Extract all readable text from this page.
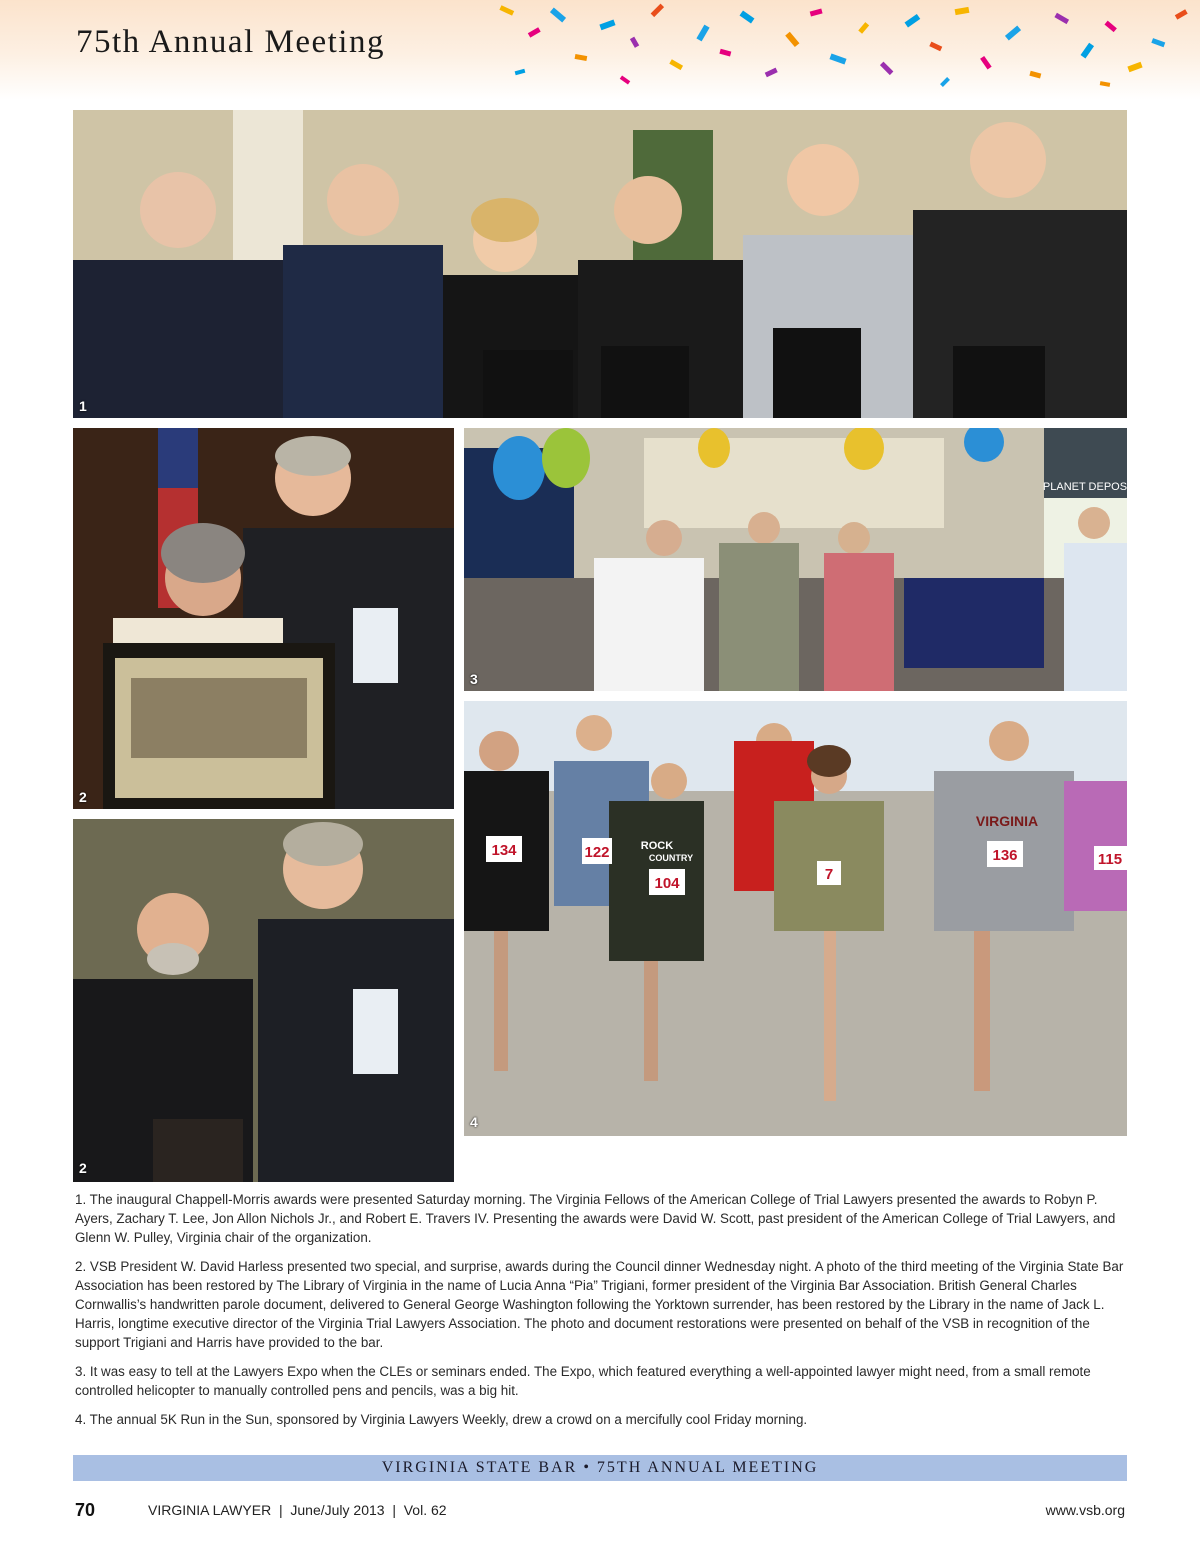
75th Annual Meeting
1
2
2
PLANET DEPOS
3
134	122
104
7
136	115
ROCK
COUNTRY
VIRGINIA
4

1. The inaugural Chappell-Morris awards were presented Saturday morning. The Virginia Fellows of the American College of Trial Lawyers presented the awards to Robyn P. Ayers, Zachary T. Lee, Jon Allon Nichols Jr., and Robert E. Travers IV. Presenting the awards were David W. Scott, past president of the American College of Trial Lawyers, and Glenn W. Pulley, Virginia chair of the organization.

2. VSB President W. David Harless presented two special, and surprise, awards during the Council dinner Wednesday night. A photo of the third meeting of the Virginia State Bar Association has been restored by The Library of Virginia in the name of Lucia Anna “Pia” Trigiani, former president of the Virginia Bar Association. British General Charles Cornwallis’s handwritten parole document, delivered to General George Washington following the Yorktown surrender, has been restored by the Library in the name of Jack L. Harris, longtime executive director of the Virginia Trial Lawyers Association. The photo and document restorations were presented on behalf of the VSB in recognition of the support Trigiani and Harris have provided to the bar.

3. It was easy to tell at the Lawyers Expo when the CLEs or seminars ended. The Expo, which featured everything a well-appointed lawyer might need, from a small remote controlled helicopter to manually controlled pens and pencils, was a big hit.

4. The annual 5K Run in the Sun, sponsored by Virginia Lawyers Weekly, drew a crowd on a mercifully cool Friday morning.

VIRGINIA STATE BAR • 75TH ANNUAL MEETING
70	VIRGINIA LAWYER  |  June/July 2013  |  Vol. 62	www.vsb.org
